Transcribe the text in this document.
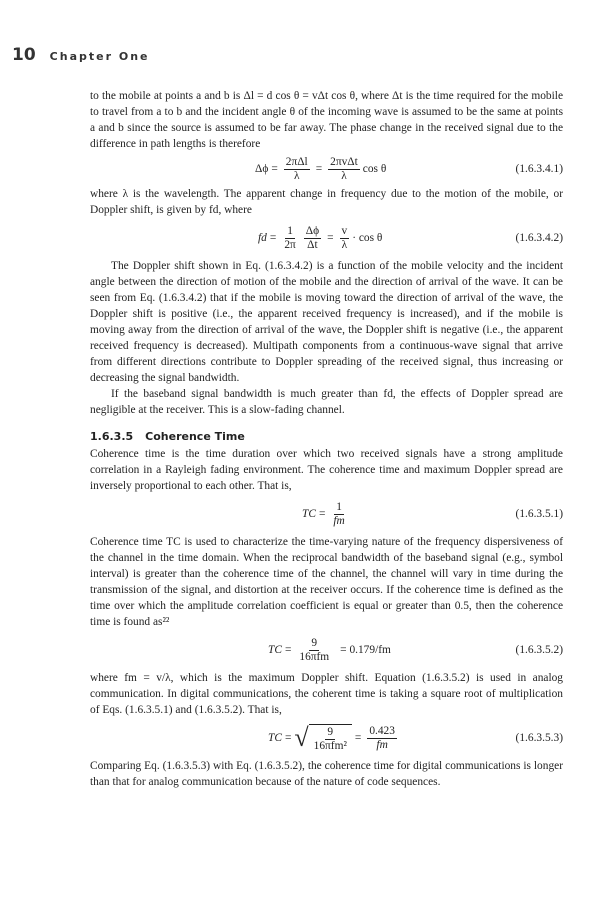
10 Chapter One

to the mobile at points a and b is Δl = d cos θ = vΔt cos θ, where Δt is the time required for the mobile to travel from a to b and the incident angle θ of the incoming wave is assumed to be the same at points a and b since the source is assumed to be far away. The phase change in the received signal due to the difference in path lengths is therefore

$\Delta\phi = \frac{\text{2πΔl}}{\lambda} = \frac{\text{2πvΔt}}{\lambda}$ cos θ	(1.6.3.4.1)

where λ is the wavelength. The apparent change in frequency due to the motion of the mobile, or Doppler shift, is given by fd, where

fd = $\frac{1}{2\pi} \frac{\Delta\phi}{\Delta t} = \frac{v}{\lambda} \cdot \cos \theta$	(1.6.3.4.2)

The Doppler shift shown in Eq. (1.6.3.4.2) is a function of the mobile velocity and the incident angle between the direction of motion of the mobile and the direction of arrival of the wave. It can be seen from Eq. (1.6.3.4.2) that if the mobile is moving toward the direction of arrival of the wave, the Doppler shift is positive (i.e., the apparent received frequency is increased), and if the mobile is moving away from the direction of arrival of the wave, the Doppler shift is negative (i.e., the apparent received frequency is decreased). Multipath components from a continuous-wave signal that arrive from different directions contribute to Doppler spreading of the received signal, thus increasing or decreasing the signal bandwidth.

If the baseband signal bandwidth is much greater than fd, the effects of Doppler spread are negligible at the receiver. This is a slow-fading channel.

1.6.3.5 Coherence Time

Coherence time is the time duration over which two received signals have a strong amplitude correlation in a Rayleigh fading environment. The coherence time and maximum Doppler spread are inversely proportional to each other. That is,

TC = $\frac{1}{fm}$	(1.6.3.5.1)

Coherence time TC is used to characterize the time-varying nature of the frequency dispersiveness of the channel in the time domain. When the reciprocal bandwidth of the baseband signal (e.g., symbol interval) is greater than the coherence time of the channel, the channel will vary in time during the transmission of the signal, and distortion at the receiver occurs. If the coherence time is defined as the time over which the amplitude correlation coefficient is equal or greater than 0.5, then the coherence time is found as²²

TC = $\frac{9}{\text{16πfm}} = 0.179/fm$	(1.6.3.5.2)

where fm = v/λ, which is the maximum Doppler shift. Equation (1.6.3.5.2) is used in analog communication. In digital communications, the coherent time is taking a square root of multiplication of Eqs. (1.6.3.5.1) and (1.6.3.5.2). That is,

TC = √ $\frac{9}{\text{16πfm²}} = \frac{0.423}{fm}$	(1.6.3.5.3)

Comparing Eq. (1.6.3.5.3) with Eq. (1.6.3.5.2), the coherence time for digital communications is longer than that for analog communication because of the nature of code sequences.
